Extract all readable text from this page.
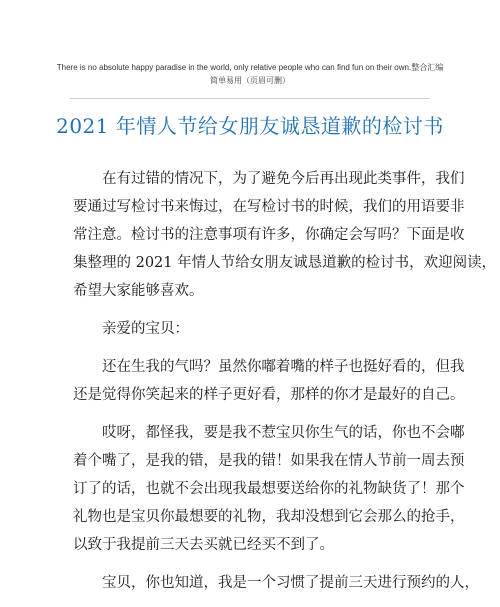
There is no absolute happy paradise in the world, only relative people who can find fun on their own.整合汇编
简单易用（页眉可删）
2021 年情人节给女朋友诚恳道歉的检讨书

在有过错的情况下，为了避免今后再出现此类事件，我们
要通过写检讨书来悔过，在写检讨书的时候，我们的用语要非
常注意。检讨书的注意事项有许多，你确定会写吗？下面是收
集整理的 2021 年情人节给女朋友诚恳道歉的检讨书，欢迎阅读，
希望大家能够喜欢。

亲爱的宝贝：

还在生我的气吗？虽然你嘟着嘴的样子也挺好看的，但我
还是觉得你笑起来的样子更好看，那样的你才是最好的自己。

哎呀，都怪我，要是我不惹宝贝你生气的话，你也不会嘟
着个嘴了，是我的错，是我的错！如果我在情人节前一周去预
订了的话，也就不会出现我最想要送给你的礼物缺货了！那个
礼物也是宝贝你最想要的礼物，我却没想到它会那么的抢手，
以致于我提前三天去买就已经买不到了。

宝贝，你也知道，我是一个习惯了提前三天进行预约的人，
